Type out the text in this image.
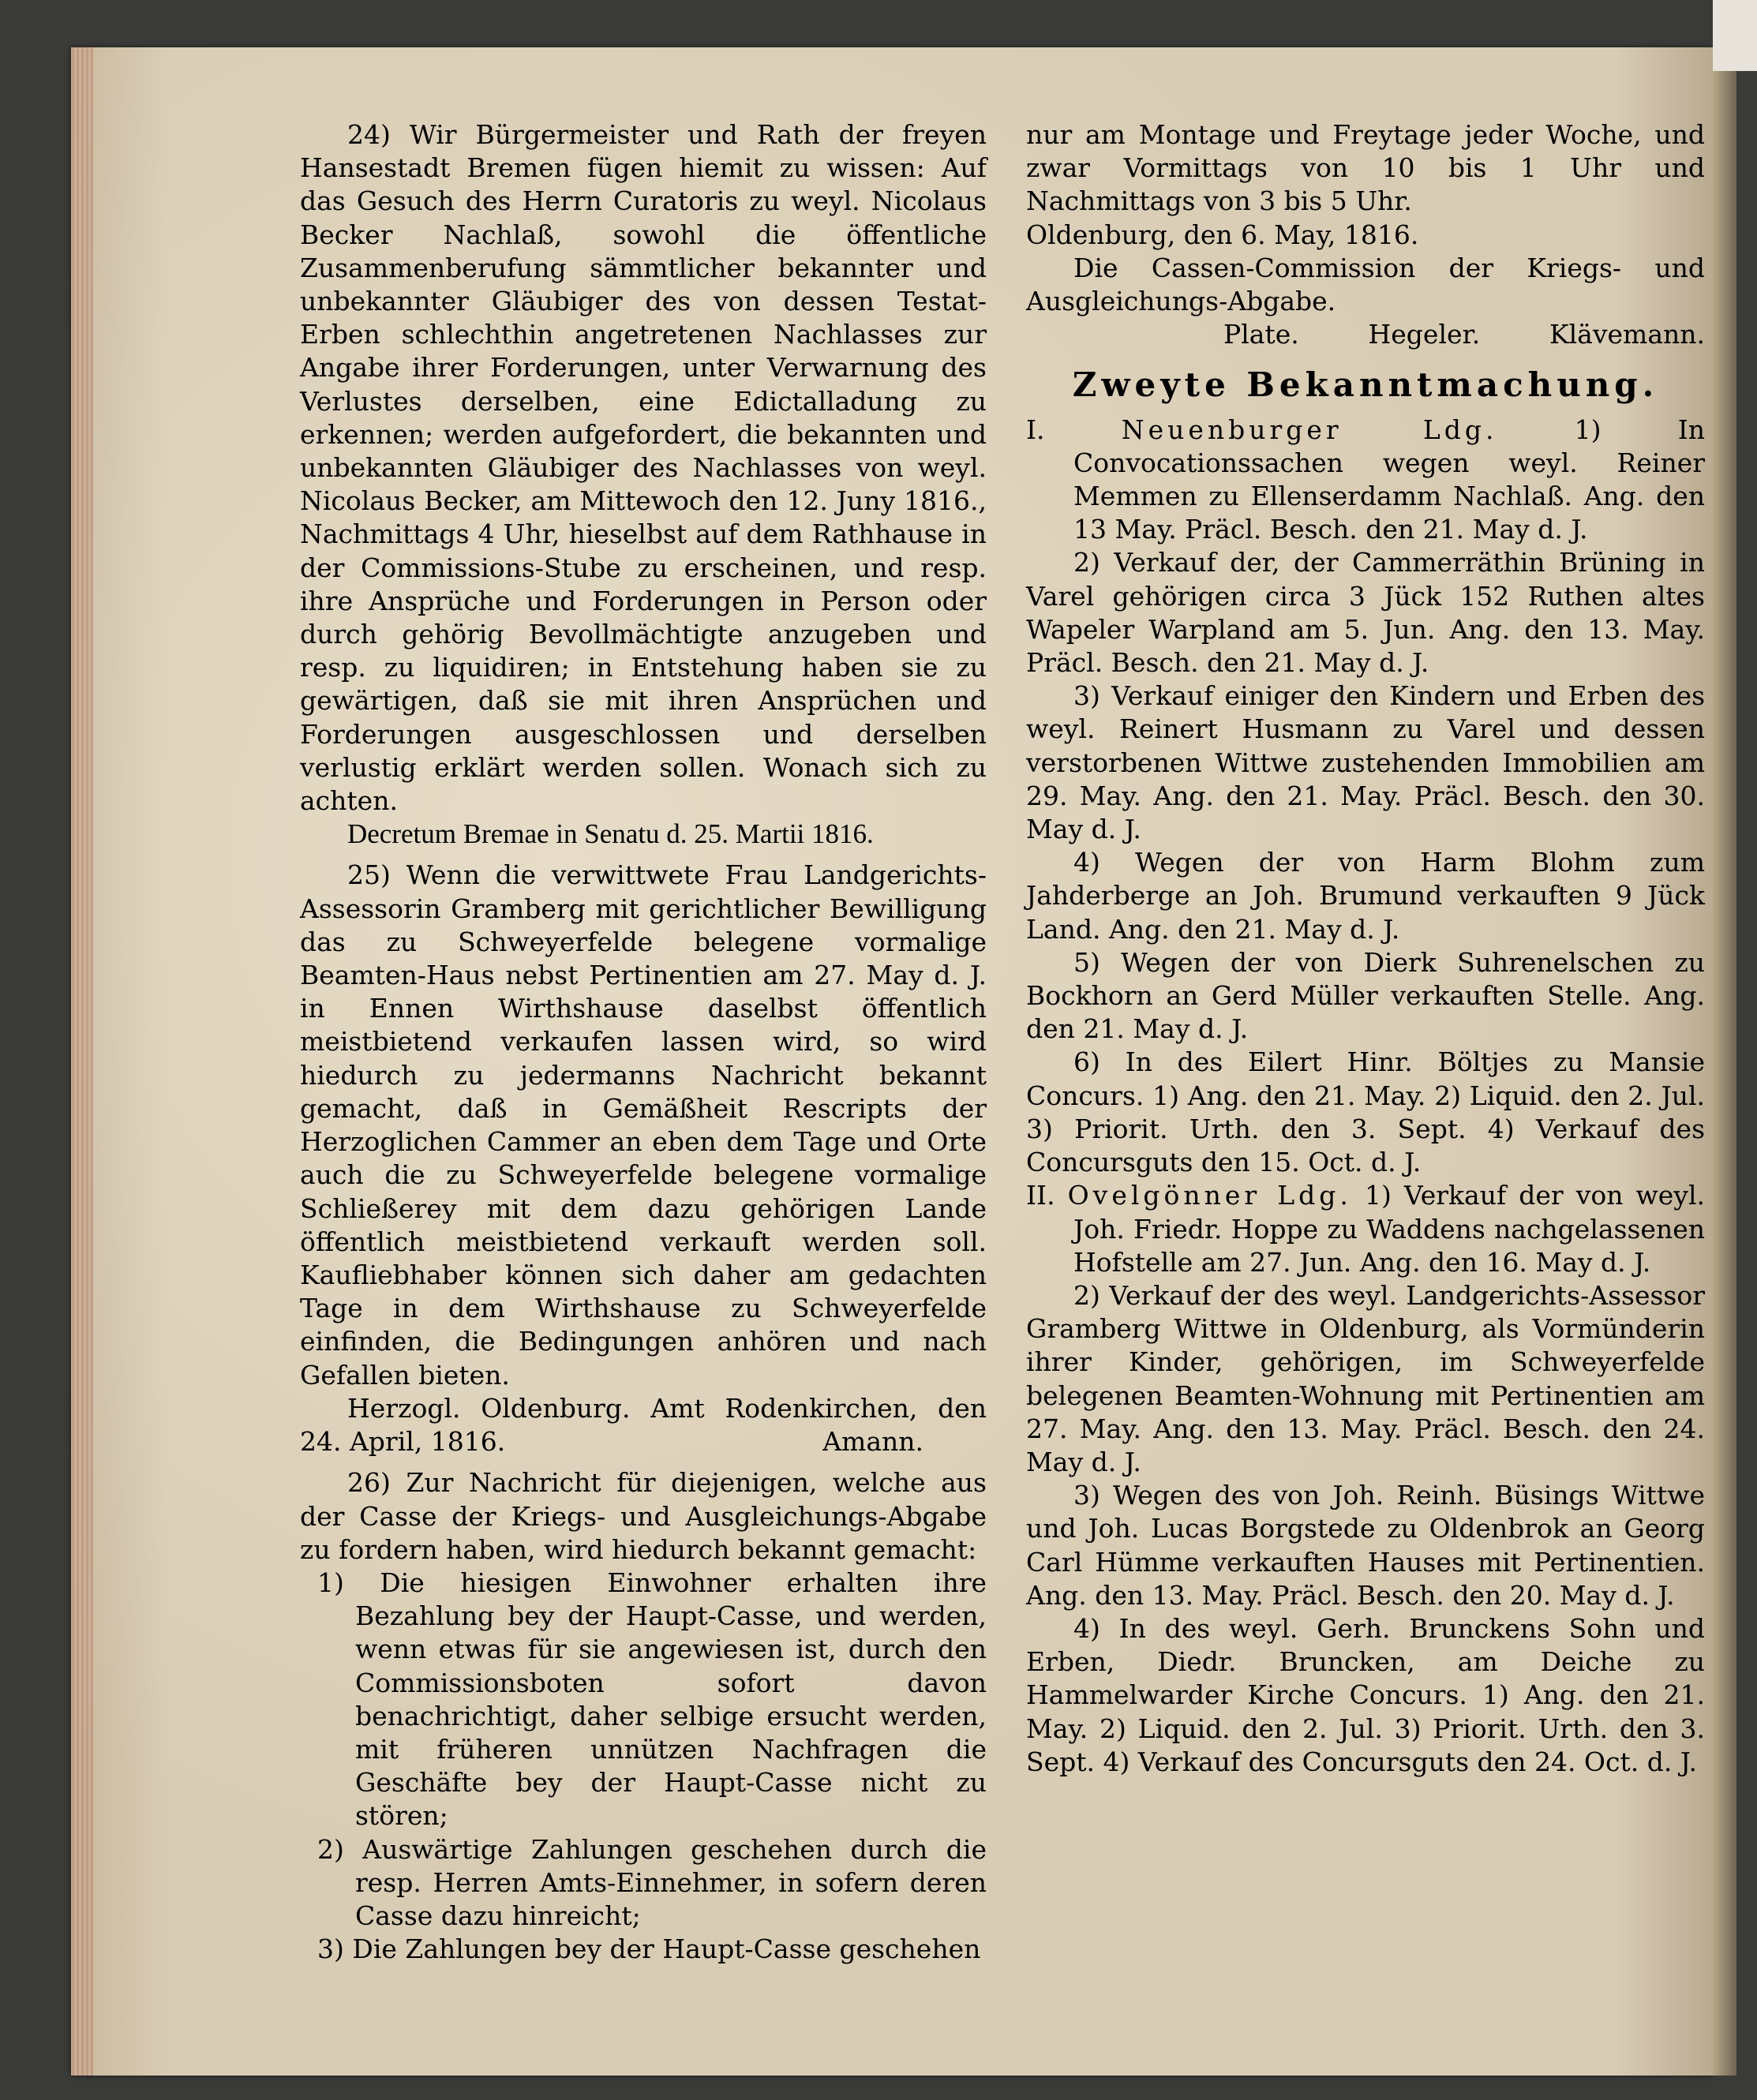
24) Wir Bürgermeister und Rath der freyen Hansestadt Bremen fügen hiemit zu wissen: Auf das Gesuch des Herrn Curatoris zu weyl. Nicolaus Becker Nachlaß, sowohl die öffentliche Zusammenberufung sämmtlicher bekannter und unbekannter Gläubiger des von dessen Testat-Erben schlechthin angetretenen Nachlasses zur Angabe ihrer Forderungen, unter Verwarnung des Verlustes derselben, eine Edictalladung zu erkennen; werden aufgefordert, die bekannten und unbekannten Gläubiger des Nachlasses von weyl. Nicolaus Becker, am Mittewoch den 12. Juny 1816., Nachmittags 4 Uhr, hieselbst auf dem Rathhause in der Commissions-Stube zu erscheinen, und resp. ihre Ansprüche und Forderungen in Person oder durch gehörig Bevollmächtigte anzugeben und resp. zu liquidiren; in Entstehung haben sie zu gewärtigen, daß sie mit ihren Ansprüchen und Forderungen ausgeschlossen und derselben verlustig erklärt werden sollen. Wonach sich zu achten.

Decretum Bremae in Senatu d. 25. Martii 1816.

25) Wenn die verwittwete Frau Landgerichts-Assessorin Gramberg mit gerichtlicher Bewilligung das zu Schweyerfelde belegene vormalige Beamten-Haus nebst Pertinentien am 27. May d. J. in Ennen Wirthshause daselbst öffentlich meistbietend verkaufen lassen wird, so wird hiedurch zu jedermanns Nachricht bekannt gemacht, daß in Gemäßheit Rescripts der Herzoglichen Cammer an eben dem Tage und Orte auch die zu Schweyerfelde belegene vormalige Schließerey mit dem dazu gehörigen Lande öffentlich meistbietend verkauft werden soll. Kaufliebhaber können sich daher am gedachten Tage in dem Wirthshause zu Schweyerfelde einfinden, die Bedingungen anhören und nach Gefallen bieten.

Herzogl. Oldenburg. Amt Rodenkirchen, den 24. April, 1816.	Amann.

26) Zur Nachricht für diejenigen, welche aus der Casse der Kriegs- und Ausgleichungs-Abgabe zu fordern haben, wird hiedurch bekannt gemacht:

1) Die hiesigen Einwohner erhalten ihre Bezahlung bey der Haupt-Casse, und werden, wenn etwas für sie angewiesen ist, durch den Commissionsboten sofort davon benachrichtigt, daher selbige ersucht werden, mit früheren unnützen Nachfragen die Geschäfte bey der Haupt-Casse nicht zu stören;

2) Auswärtige Zahlungen geschehen durch die resp. Herren Amts-Einnehmer, in sofern deren Casse dazu hinreicht;

3) Die Zahlungen bey der Haupt-Casse geschehen

nur am Montage und Freytage jeder Woche, und zwar Vormittags von 10 bis 1 Uhr und Nachmittags von 3 bis 5 Uhr.

Oldenburg, den 6. May, 1816.

Die Cassen-Commission der Kriegs- und Ausgleichungs-Abgabe.

Plate.	Hegeler.	Klävemann.
Zweyte Bekanntmachung.

I.	Neuenburger Ldg.	1) In Convocationssachen wegen weyl. Reiner Memmen zu Ellenserdamm Nachlaß. Ang. den 13 May. Präcl. Besch. den 21. May d. J.

2) Verkauf der, der Cammerräthin Brüning in Varel gehörigen circa 3 Jück 152 Ruthen altes Wapeler Warpland am 5. Jun. Ang. den 13. May. Präcl. Besch. den 21. May d. J.

3) Verkauf einiger den Kindern und Erben des weyl. Reinert Husmann zu Varel und dessen verstorbenen Wittwe zustehenden Immobilien am 29. May. Ang. den 21. May. Präcl. Besch. den 30. May d. J.

4) Wegen der von Harm Blohm zum Jahderberge an Joh. Brumund verkauften 9 Jück Land. Ang. den 21. May d. J.

5) Wegen der von Dierk Suhrenelschen zu Bockhorn an Gerd Müller verkauften Stelle. Ang. den 21. May d. J.

6) In des Eilert Hinr. Böltjes zu Mansie Concurs. 1) Ang. den 21. May. 2) Liquid. den 2. Jul. 3) Priorit. Urth. den 3. Sept. 4) Verkauf des Concursguts den 15. Oct. d. J.

II. Ovelgönner Ldg. 1) Verkauf der von weyl. Joh. Friedr. Hoppe zu Waddens nachgelassenen Hofstelle am 27. Jun. Ang. den 16. May d. J.

2) Verkauf der des weyl. Landgerichts-Assessor Gramberg Wittwe in Oldenburg, als Vormünderin ihrer Kinder, gehörigen, im Schweyerfelde belegenen Beamten-Wohnung mit Pertinentien am 27. May. Ang. den 13. May. Präcl. Besch. den 24. May d. J.

3) Wegen des von Joh. Reinh. Büsings Wittwe und Joh. Lucas Borgstede zu Oldenbrok an Georg Carl Hümme verkauften Hauses mit Pertinentien. Ang. den 13. May. Präcl. Besch. den 20. May d. J.

4) In des weyl. Gerh. Brunckens Sohn und Erben, Diedr. Bruncken, am Deiche zu Hammelwarder Kirche Concurs. 1) Ang. den 21. May. 2) Liquid. den 2. Jul. 3) Priorit. Urth. den 3. Sept. 4) Verkauf des Concursguts den 24. Oct. d. J.
